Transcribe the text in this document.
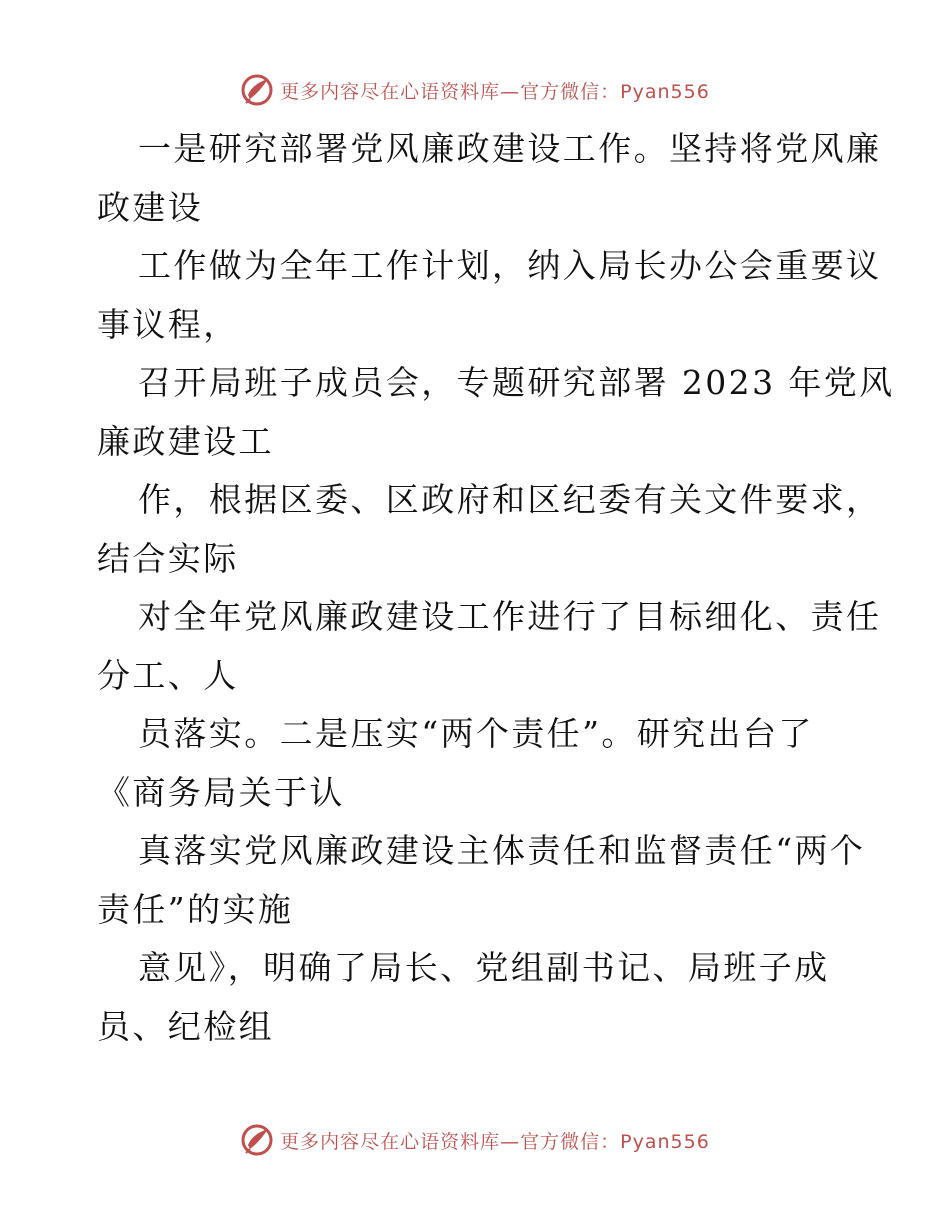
更多内容尽在心语资料库—官方微信：Pyan556
一是研究部署党风廉政建设工作。坚持将党风廉
政建设
工作做为全年工作计划，纳入局长办公会重要议
事议程，
召开局班子成员会，专题研究部署 2023 年党风
廉政建设工
作，根据区委、区政府和区纪委有关文件要求，
结合实际
对全年党风廉政建设工作进行了目标细化、责任
分工、人
员落实。二是压实“两个责任”。研究出台了
《商务局关于认
真落实党风廉政建设主体责任和监督责任“两个
责任”的实施
意见》，明确了局长、党组副书记、局班子成
员、纪检组
更多内容尽在心语资料库—官方微信：Pyan556
